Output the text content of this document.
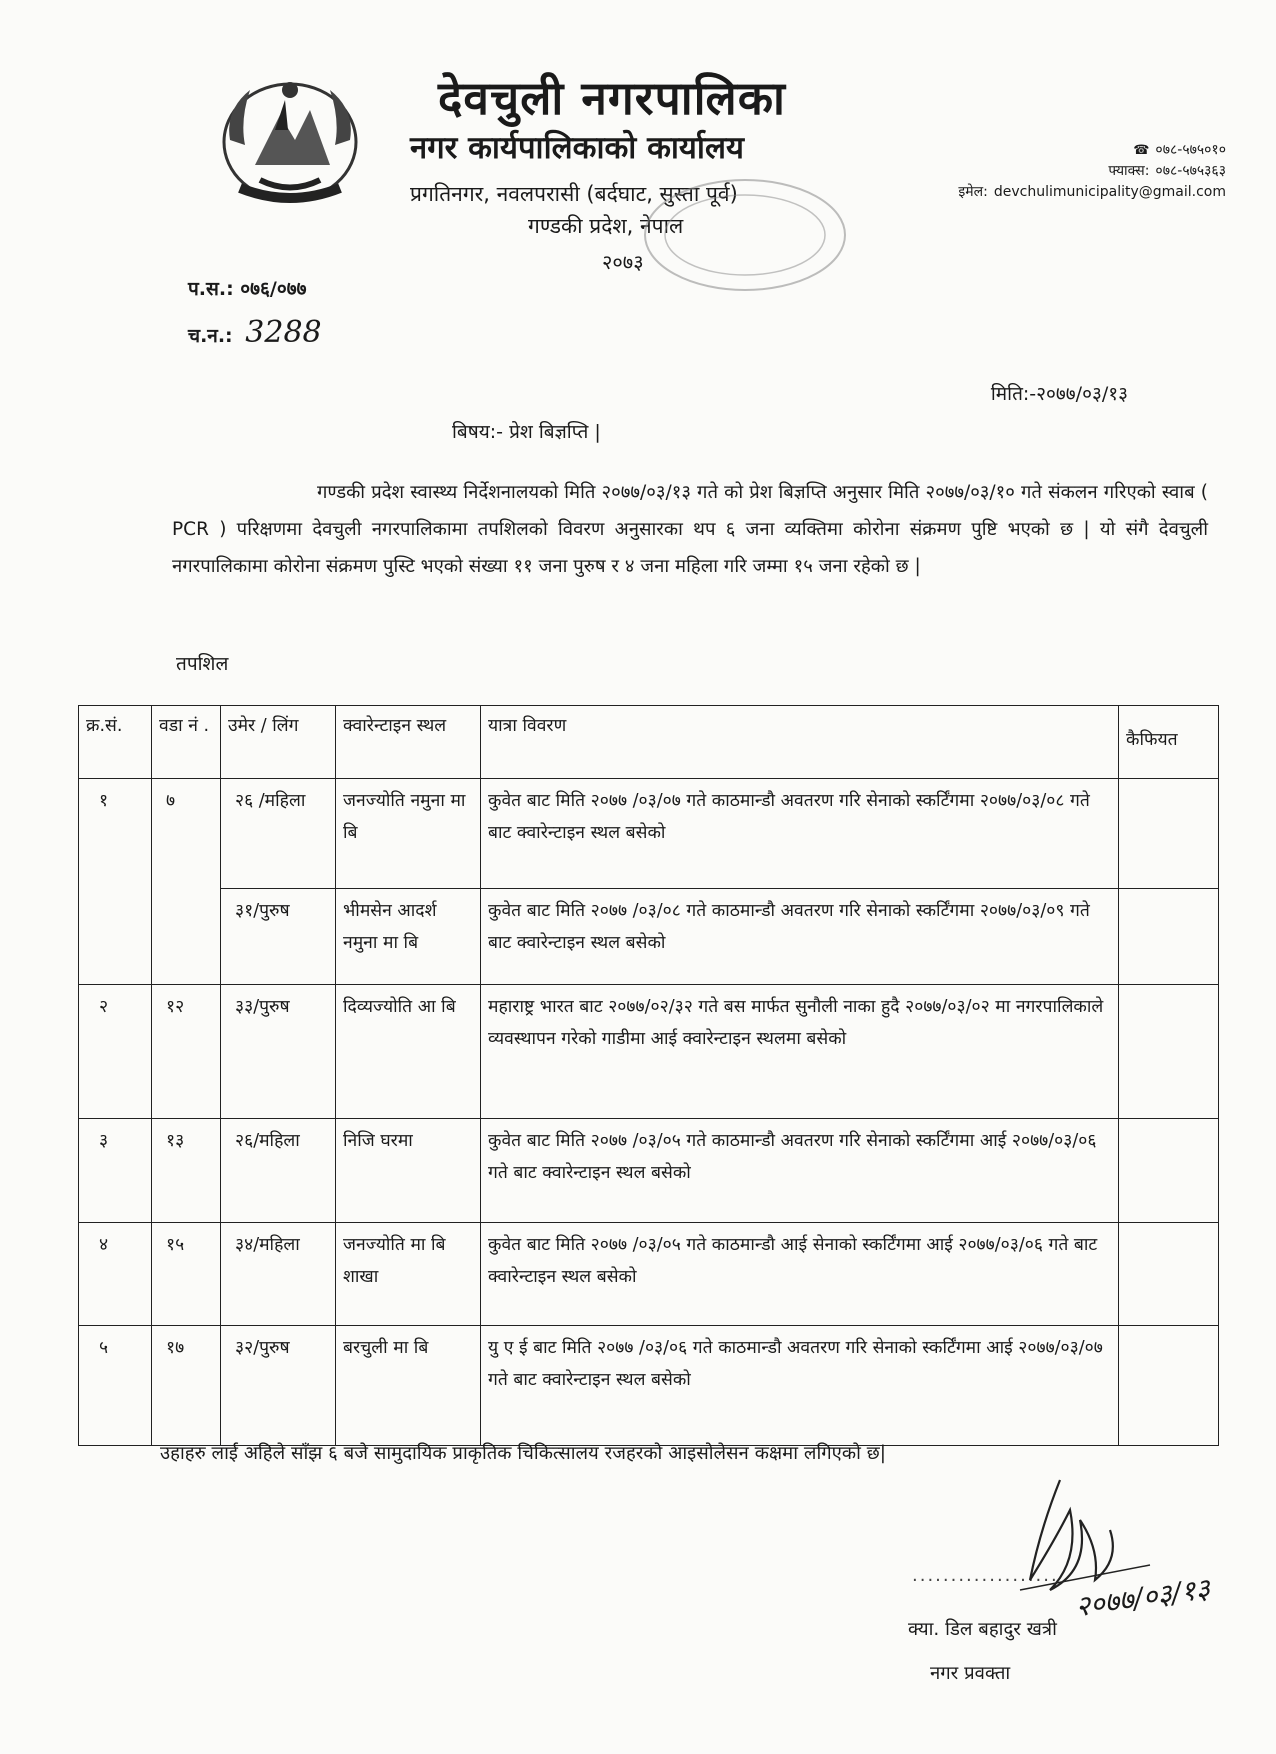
देवचुली नगरपालिका
नगर कार्यपालिकाको कार्यालय
प्रगतिनगर, नवलपरासी (बर्दघाट, सुस्ता पूर्व)
गण्डकी प्रदेश, नेपाल
२०७३
☎ ०७८-५७५०१०
फ्याक्स: ०७८-५७५३६३
इमेल: devchulimunicipality@gmail.com
प.स.: ०७६/०७७
च.न.: 3288
मिति:-२०७७/०३/१३
बिषय:- प्रेश बिज्ञप्ति |
गण्डकी प्रदेश स्वास्थ्य निर्देशनालयको मिति २०७७/०३/१३ गते को प्रेश बिज्ञप्ति अनुसार मिति २०७७/०३/१० गते संकलन गरिएको स्वाब ( PCR ) परिक्षणमा देवचुली नगरपालिकामा तपशिलको विवरण अनुसारका थप ६ जना व्यक्तिमा कोरोना संक्रमण पुष्टि भएको छ | यो संगै देवचुली नगरपालिकामा कोरोना संक्रमण पुस्टि भएको संख्या ११ जना पुरुष र ४ जना महिला गरि जम्मा १५ जना रहेको छ |
तपशिल
क्र.सं.	वडा नं .	उमेर / लिंग	क्वारेन्टाइन स्थल	यात्रा विवरण	कैफियत
१	७	२६ /महिला	जनज्योति नमुना मा बि	कुवेत बाट मिति २०७७ /०३/०७ गते काठमान्डौ अवतरण गरि सेनाको स्कर्टिंगमा २०७७/०३/०८ गते बाट क्वारेन्टाइन स्थल बसेको	
		३१/पुरुष	भीमसेन आदर्श नमुना मा बि	कुवेत बाट मिति २०७७ /०३/०८ गते काठमान्डौ अवतरण गरि सेनाको स्कर्टिंगमा २०७७/०३/०९ गते बाट क्वारेन्टाइन स्थल बसेको	
२	१२	३३/पुरुष	दिव्यज्योति आ बि	महाराष्ट्र भारत बाट २०७७/०२/३२ गते बस मार्फत सुनौली नाका हुदै २०७७/०३/०२ मा नगरपालिकाले व्यवस्थापन गरेको गाडीमा आई क्वारेन्टाइन स्थलमा बसेको	
३	१३	२६/महिला	निजि घरमा	कुवेत बाट मिति २०७७ /०३/०५ गते काठमान्डौ अवतरण गरि सेनाको स्कर्टिंगमा आई २०७७/०३/०६ गते बाट क्वारेन्टाइन स्थल बसेको	
४	१५	३४/महिला	जनज्योति मा बि शाखा	कुवेत बाट मिति २०७७ /०३/०५ गते काठमान्डौ आई सेनाको स्कर्टिंगमा आई २०७७/०३/०६ गते बाट क्वारेन्टाइन स्थल बसेको	
५	१७	३२/पुरुष	बरचुली मा बि	यु ए ई बाट मिति २०७७ /०३/०६ गते काठमान्डौ अवतरण गरि सेनाको स्कर्टिंगमा आई २०७७/०३/०७ गते बाट क्वारेन्टाइन स्थल बसेको	
उहाहरु लाई अहिले साँझ ६ बजे सामुदायिक प्राकृतिक चिकित्सालय रजहरको आइसोलेसन कक्षमा लगिएको छ|
................... २०७७/०३/१३
क्या. डिल बहादुर खत्री
नगर प्रवक्ता
